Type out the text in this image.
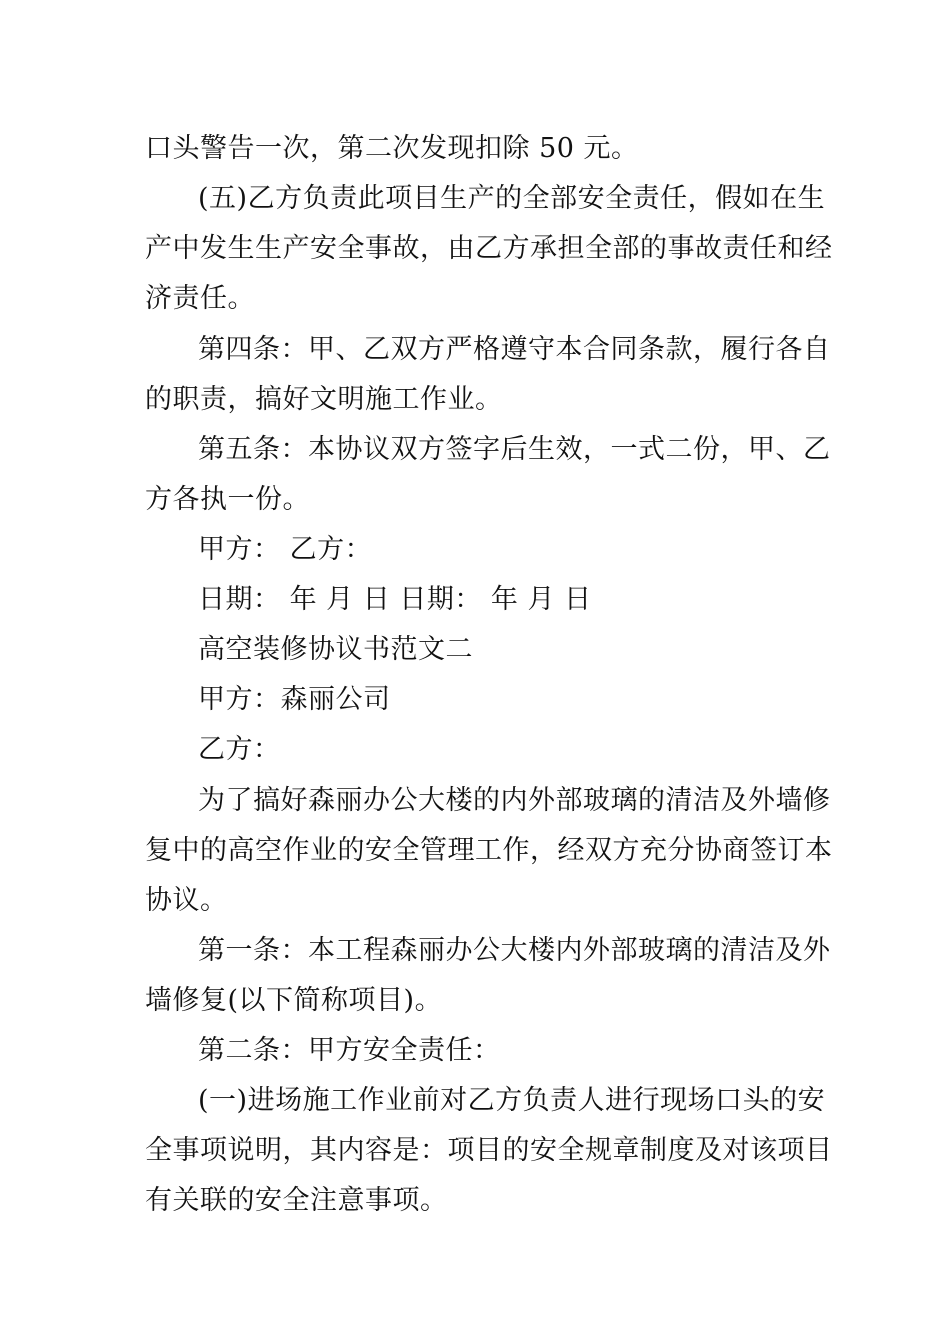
口头警告一次，第二次发现扣除 50 元。
(五)乙方负责此项目生产的全部安全责任，假如在生
产中发生生产安全事故，由乙方承担全部的事故责任和经
济责任。
第四条：甲、乙双方严格遵守本合同条款，履行各自
的职责，搞好文明施工作业。
第五条：本协议双方签字后生效，一式二份，甲、乙
方各执一份。
甲方： 乙方：
日期： 年 月 日 日期： 年 月 日
高空装修协议书范文二
甲方：森丽公司
乙方：
为了搞好森丽办公大楼的内外部玻璃的清洁及外墙修
复中的高空作业的安全管理工作，经双方充分协商签订本
协议。
第一条：本工程森丽办公大楼内外部玻璃的清洁及外
墙修复(以下简称项目)。
第二条：甲方安全责任：
(一)进场施工作业前对乙方负责人进行现场口头的安
全事项说明，其内容是：项目的安全规章制度及对该项目
有关联的安全注意事项。
